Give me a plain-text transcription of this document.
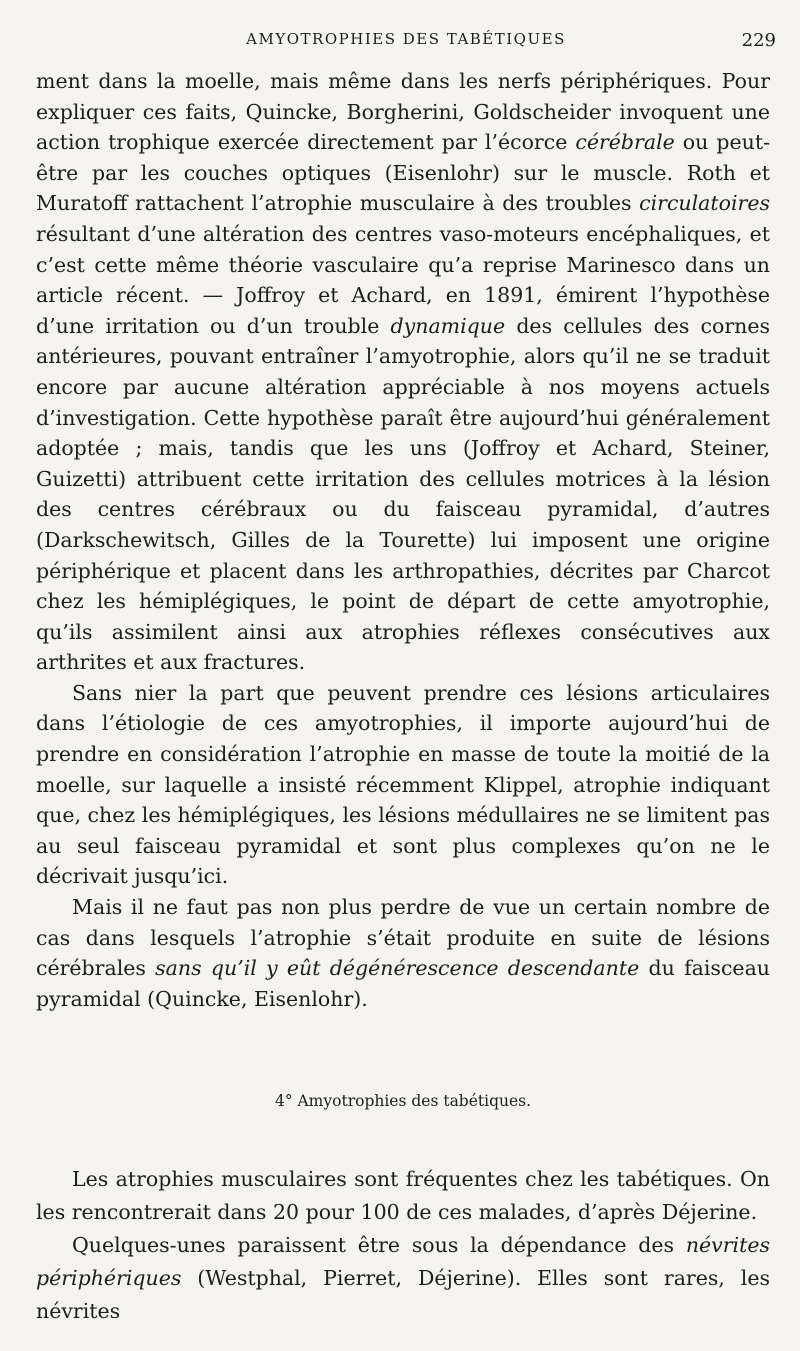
AMYOTROPHIES DES TABÉTIQUES	229

ment dans la moelle, mais même dans les nerfs périphériques. Pour expliquer ces faits, Quincke, Borgherini, Goldscheider invoquent une action trophique exercée directement par l’écorce cérébrale ou peut-être par les couches optiques (Eisenlohr) sur le muscle. Roth et Muratoff rattachent l’atrophie musculaire à des troubles circulatoires résultant d’une altération des centres vaso-moteurs encéphaliques, et c’est cette même théorie vasculaire qu’a reprise Marinesco dans un article récent. — Joffroy et Achard, en 1891, émirent l’hypothèse d’une irritation ou d’un trouble dynamique des cellules des cornes antérieures, pouvant entraîner l’amyotrophie, alors qu’il ne se traduit encore par aucune altération appréciable à nos moyens actuels d’investigation. Cette hypothèse paraît être aujourd’hui généralement adoptée ; mais, tandis que les uns (Joffroy et Achard, Steiner, Guizetti) attribuent cette irritation des cellules motrices à la lésion des centres cérébraux ou du faisceau pyramidal, d’autres (Darkschewitsch, Gilles de la Tourette) lui imposent une origine périphérique et placent dans les arthropathies, décrites par Charcot chez les hémiplégiques, le point de départ de cette amyotrophie, qu’ils assimilent ainsi aux atrophies réflexes consécutives aux arthrites et aux fractures.

Sans nier la part que peuvent prendre ces lésions articulaires dans l’étiologie de ces amyotrophies, il importe aujourd’hui de prendre en considération l’atrophie en masse de toute la moitié de la moelle, sur laquelle a insisté récemment Klippel, atrophie indiquant que, chez les hémiplégiques, les lésions médullaires ne se limitent pas au seul faisceau pyramidal et sont plus complexes qu’on ne le décrivait jusqu’ici.

Mais il ne faut pas non plus perdre de vue un certain nombre de cas dans lesquels l’atrophie s’était produite en suite de lésions cérébrales sans qu’il y eût dégénérescence descendante du faisceau pyramidal (Quincke, Eisenlohr).

4° Amyotrophies des tabétiques.

Les atrophies musculaires sont fréquentes chez les tabétiques. On les rencontrerait dans 20 pour 100 de ces malades, d’après Déjerine.

Quelques-unes paraissent être sous la dépendance des névrites périphériques (Westphal, Pierret, Déjerine). Elles sont rares, les névrites
